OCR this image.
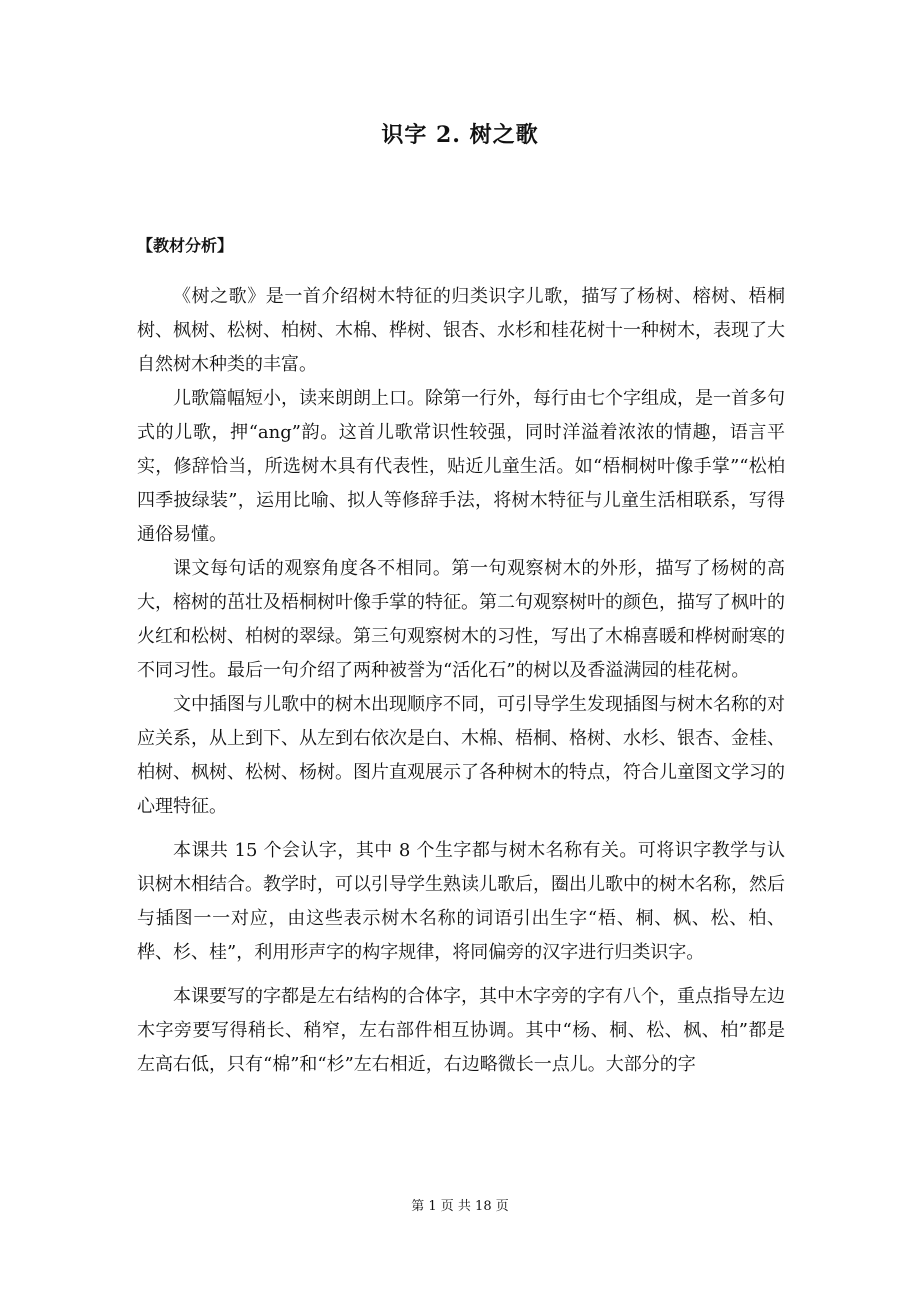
识字 2. 树之歌
【教材分析】

《树之歌》是一首介绍树木特征的归类识字儿歌，描写了杨树、榕树、梧桐树、枫树、松树、柏树、木棉、桦树、银杏、水杉和桂花树十一种树木，表现了大自然树木种类的丰富。

儿歌篇幅短小，读来朗朗上口。除第一行外，每行由七个字组成，是一首多句式的儿歌，押“ang”韵。这首儿歌常识性较强，同时洋溢着浓浓的情趣，语言平实，修辞恰当，所选树木具有代表性，贴近儿童生活。如“梧桐树叶像手掌”“松柏四季披绿装”，运用比喻、拟人等修辞手法，将树木特征与儿童生活相联系，写得通俗易懂。

课文每句话的观察角度各不相同。第一句观察树木的外形，描写了杨树的高大，榕树的茁壮及梧桐树叶像手掌的特征。第二句观察树叶的颜色，描写了枫叶的火红和松树、柏树的翠绿。第三句观察树木的习性，写出了木棉喜暖和桦树耐寒的不同习性。最后一句介绍了两种被誉为“活化石”的树以及香溢满园的桂花树。

文中插图与儿歌中的树木出现顺序不同，可引导学生发现插图与树木名称的对应关系，从上到下、从左到右依次是白、木棉、梧桐、格树、水杉、银杏、金桂、柏树、枫树、松树、杨树。图片直观展示了各种树木的特点，符合儿童图文学习的心理特征。

本课共 15 个会认字，其中 8 个生字都与树木名称有关。可将识字教学与认识树木相结合。教学时，可以引导学生熟读儿歌后，圈出儿歌中的树木名称，然后与插图一一对应，由这些表示树木名称的词语引出生字“梧、桐、枫、松、柏、桦、杉、桂”，利用形声字的构字规律，将同偏旁的汉字进行归类识字。

本课要写的字都是左右结构的合体字，其中木字旁的字有八个，重点指导左边木字旁要写得稍长、稍窄，左右部件相互协调。其中“杨、桐、松、枫、柏”都是左高右低，只有“棉”和“杉”左右相近，右边略微长一点儿。大部分的字

第 1 页 共 18 页
